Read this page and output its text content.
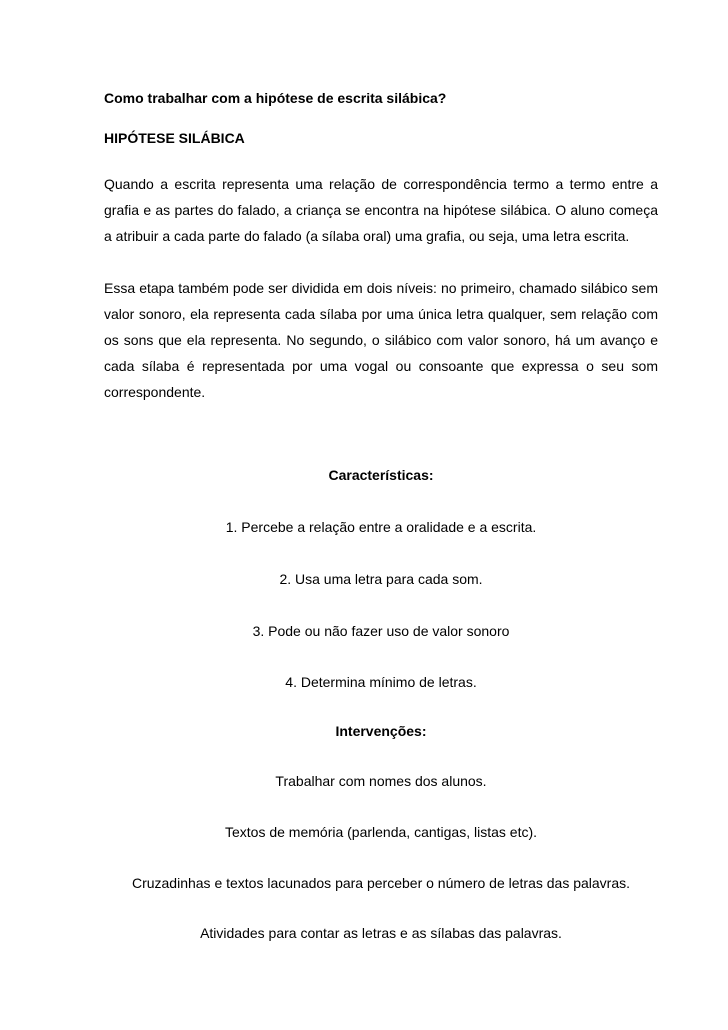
Como trabalhar com a hipótese de escrita silábica?

HIPÓTESE SILÁBICA

Quando a escrita representa uma relação de correspondência termo a termo entre a grafia e as partes do falado, a criança se encontra na hipótese silábica. O aluno começa a atribuir a cada parte do falado (a sílaba oral) uma grafia, ou seja, uma letra escrita.

Essa etapa também pode ser dividida em dois níveis: no primeiro, chamado silábico sem valor sonoro, ela representa cada sílaba por uma única letra qualquer, sem relação com os sons que ela representa. No segundo, o silábico com valor sonoro, há um avanço e cada sílaba é representada por uma vogal ou consoante que expressa o seu som correspondente.

Características:
1. Percebe a relação entre a oralidade e a escrita.
2. Usa uma letra para cada som.
3. Pode ou não fazer uso de valor sonoro
4. Determina mínimo de letras.
Intervenções:
Trabalhar com nomes dos alunos.
Textos de memória (parlenda, cantigas, listas etc).
Cruzadinhas e textos lacunados para perceber o número de letras das palavras.
Atividades para contar as letras e as sílabas das palavras.
